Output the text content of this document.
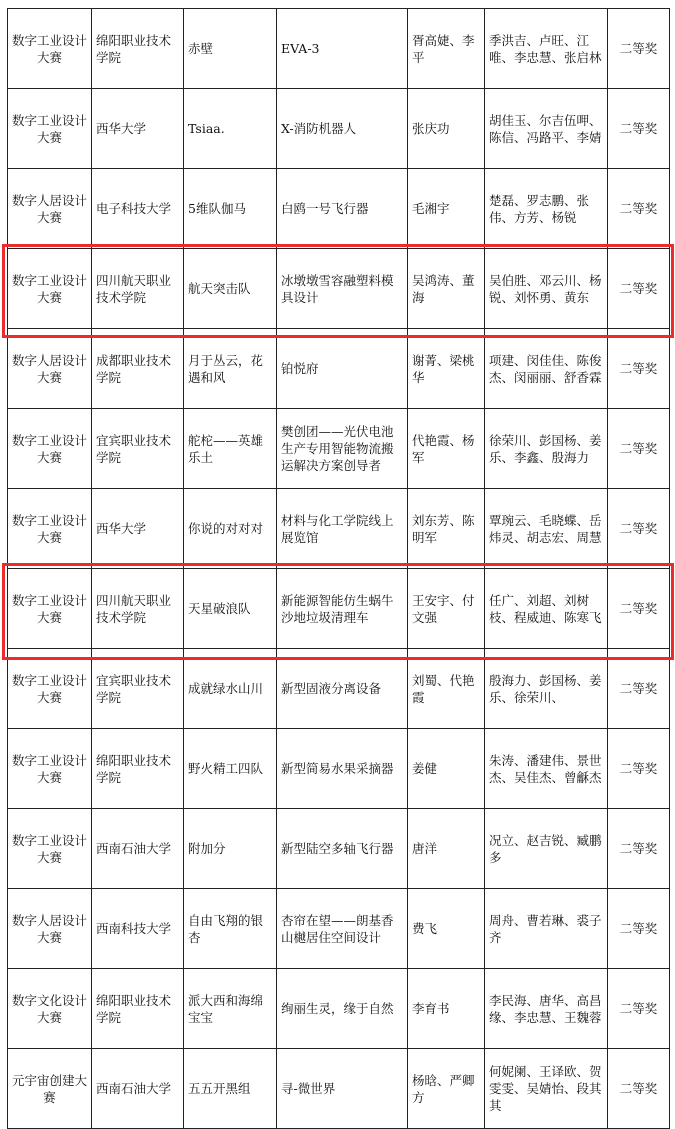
数字工业设计大赛	绵阳职业技术学院	赤壁	EVA-3	胥高婕、李平	季洪吉、卢旺、江唯、李忠慧、张启林	二等奖
数字工业设计大赛	西华大学	Tsiaa.	X-消防机器人	张庆功	胡佳玉、尔吉伍呷、陈信、冯路平、李婧	二等奖
数字人居设计大赛	电子科技大学	5维队伽马	白鸥一号飞行器	毛湘宇	楚磊、罗志鹏、张伟、方芳、杨锐	二等奖
数字工业设计大赛	四川航天职业技术学院	航天突击队	冰墩墩雪容融塑料模具设计	吴鸿涛、董海	吴伯胜、邓云川、杨锐、刘怀勇、黄东	二等奖
数字人居设计大赛	成都职业技术学院	月于丛云，花遇和风	铂悦府	谢菁、梁桃华	项建、闵佳佳、陈俊杰、闵丽丽、舒香霖	二等奖
数字工业设计大赛	宜宾职业技术学院	舵柁——英雄乐土	樊创团——光伏电池生产专用智能物流搬运解决方案创导者	代艳霞、杨军	徐荣川、彭国杨、姜乐、李鑫、殷海力	二等奖
数字工业设计大赛	西华大学	你说的对对对	材料与化工学院线上展览馆	刘东芳、陈明军	覃琬云、毛晓蝶、岳炜灵、胡志宏、周慧	二等奖
数字工业设计大赛	四川航天职业技术学院	天星破浪队	新能源智能仿生蜗牛沙地垃圾清理车	王安宇、付文强	任广、刘超、刘树枝、程威迪、陈寒飞	二等奖
数字工业设计大赛	宜宾职业技术学院	成就绿水山川	新型固液分离设备	刘蜀、代艳霞	殷海力、彭国杨、姜乐、徐荣川、	二等奖
数字工业设计大赛	绵阳职业技术学院	野火精工四队	新型简易水果采摘器	姜健	朱涛、潘建伟、景世杰、吴佳杰、曾龢杰	二等奖
数字工业设计大赛	西南石油大学	附加分	新型陆空多轴飞行器	唐洋	况立、赵吉锐、臧鹏多	二等奖
数字人居设计大赛	西南科技大学	自由飞翔的银杏	杏帘在望——朗基香山樾居住空间设计	费飞	周舟、曹若琳、裘子齐	二等奖
数字文化设计大赛	绵阳职业技术学院	派大西和海绵宝宝	绚丽生灵，缘于自然	李育书	李民海、唐华、高昌缘、李忠慧、王魏蓉	二等奖
元宇宙创建大赛	西南石油大学	五五开黑组	寻-微世界	杨晗、严卿方	何妮阑、王译欧、贺雯雯、吴婧怡、段其其	二等奖
